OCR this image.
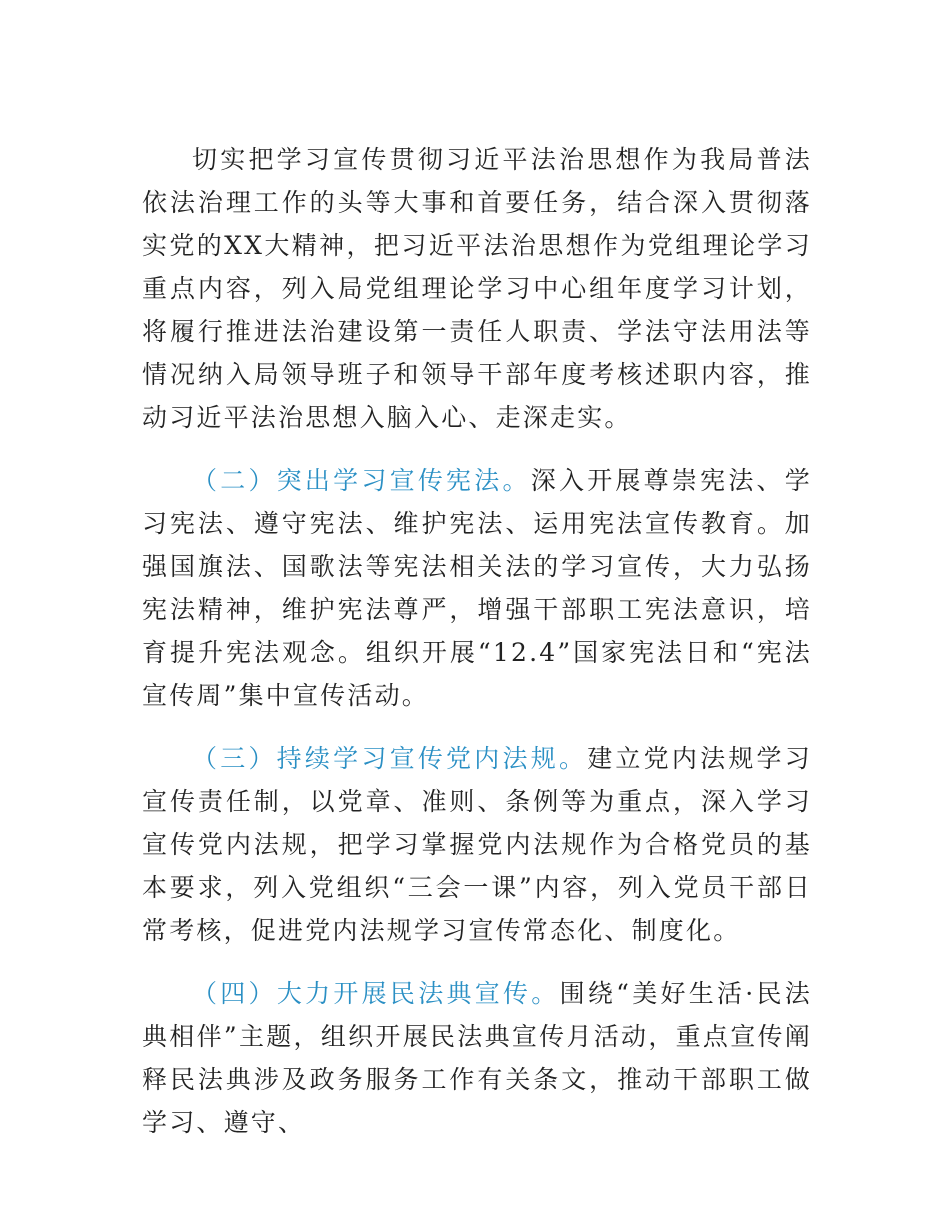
切实把学习宣传贯彻习近平法治思想作为我局普法依法治理工作的头等大事和首要任务，结合深入贯彻落实党的XX大精神，把习近平法治思想作为党组理论学习重点内容，列入局党组理论学习中心组年度学习计划，将履行推进法治建设第一责任人职责、学法守法用法等情况纳入局领导班子和领导干部年度考核述职内容，推动习近平法治思想入脑入心、走深走实。

（二）突出学习宣传宪法。深入开展尊崇宪法、学习宪法、遵守宪法、维护宪法、运用宪法宣传教育。加强国旗法、国歌法等宪法相关法的学习宣传，大力弘扬宪法精神，维护宪法尊严，增强干部职工宪法意识，培育提升宪法观念。组织开展“12.4”国家宪法日和“宪法宣传周”集中宣传活动。

（三）持续学习宣传党内法规。建立党内法规学习宣传责任制，以党章、准则、条例等为重点，深入学习宣传党内法规，把学习掌握党内法规作为合格党员的基本要求，列入党组织“三会一课”内容，列入党员干部日常考核，促进党内法规学习宣传常态化、制度化。

（四）大力开展民法典宣传。围绕“美好生活·民法典相伴”主题，组织开展民法典宣传月活动，重点宣传阐释民法典涉及政务服务工作有关条文，推动干部职工做学习、遵守、
